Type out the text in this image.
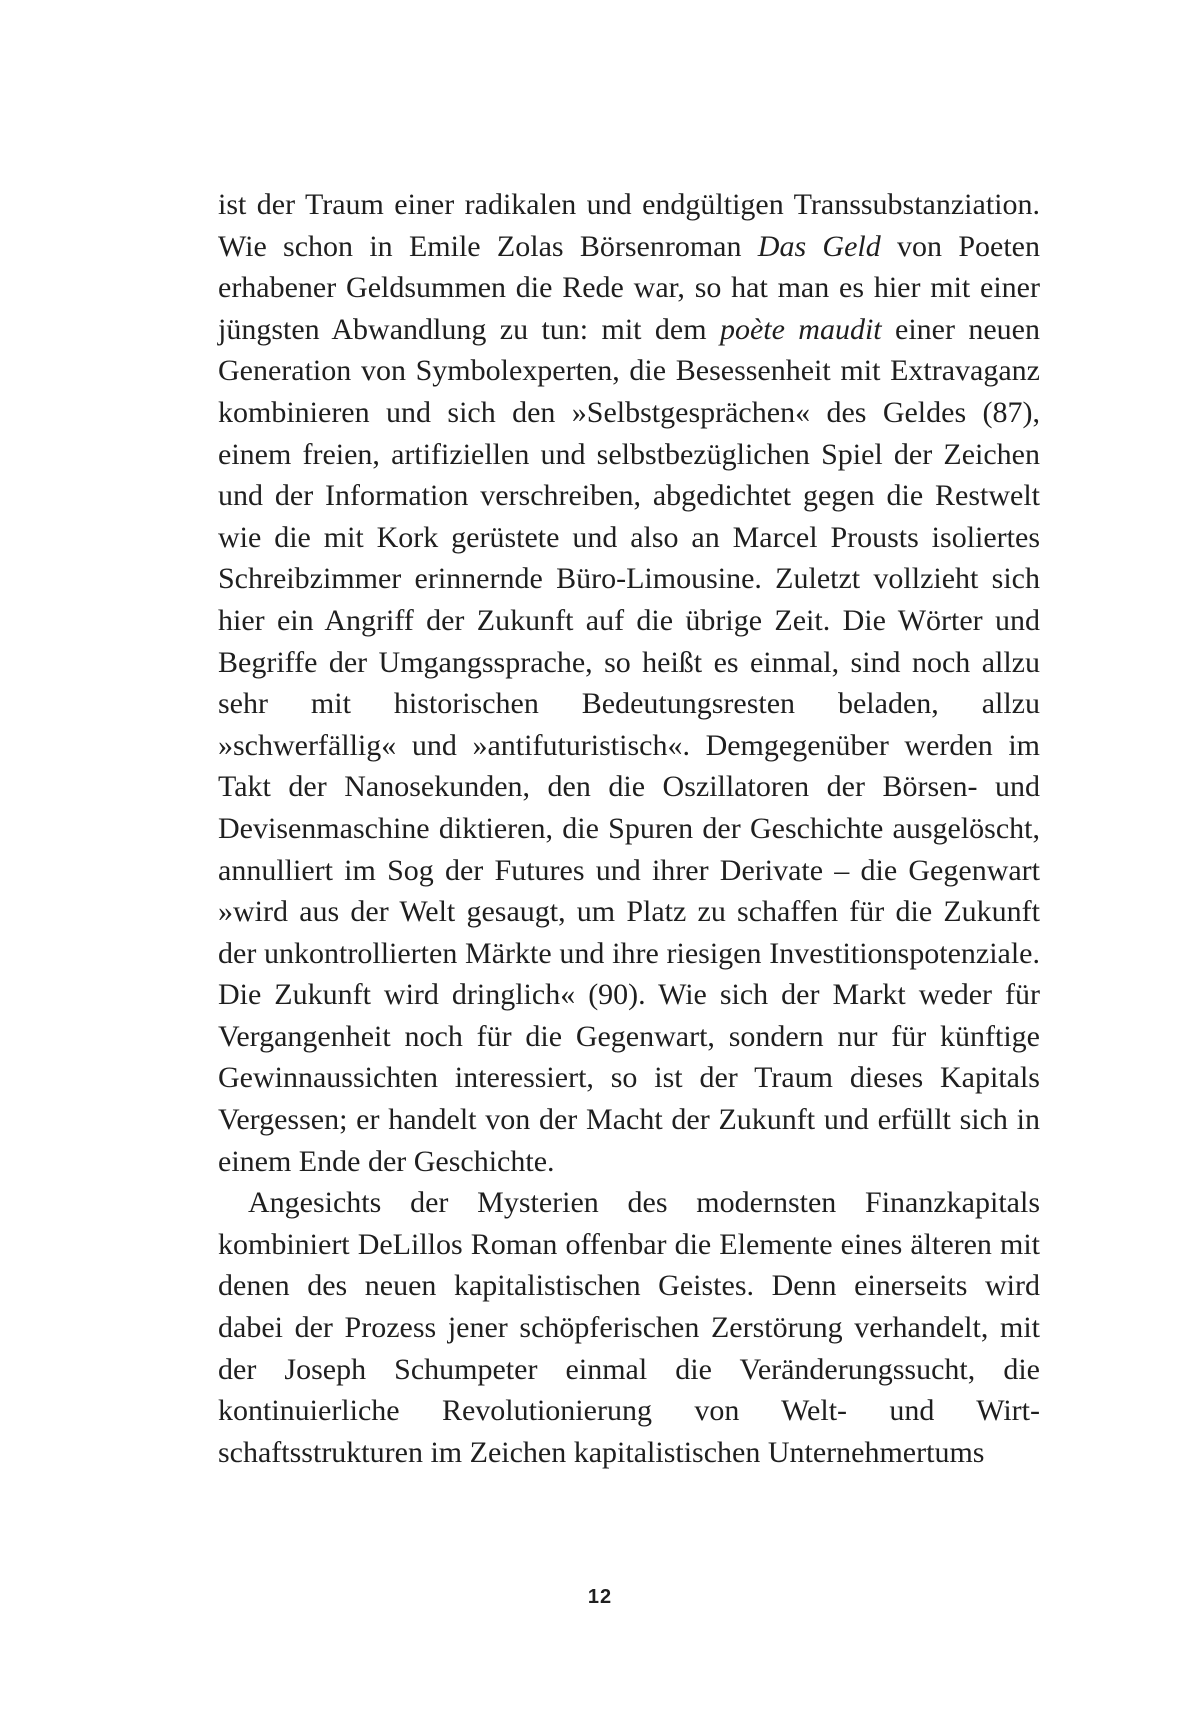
ist der Traum einer radikalen und endgültigen Transsubstanziation. Wie schon in Emile Zolas Börsenroman Das Geld von Poeten erhabener Geldsummen die Rede war, so hat man es hier mit einer jüngsten Abwandlung zu tun: mit dem poète maudit einer neuen Generation von Symbolexperten, die Besessenheit mit Extravaganz kombinieren und sich den »Selbstgesprächen« des Geldes (87), einem freien, artifiziellen und selbstbezüglichen Spiel der Zeichen und der Information verschreiben, abgedichtet gegen die Restwelt wie die mit Kork gerüstete und also an Marcel Prousts isoliertes Schreibzimmer erinnernde Büro-Limousine. Zuletzt vollzieht sich hier ein Angriff der Zukunft auf die übrige Zeit. Die Wörter und Begriffe der Umgangssprache, so heißt es einmal, sind noch allzu sehr mit historischen Bedeutungsresten beladen, allzu »schwerfällig« und »antifuturistisch«. Demgegenüber werden im Takt der Nanosekunden, den die Oszillatoren der Börsen- und Devisenmaschine diktieren, die Spuren der Geschichte ausgelöscht, annulliert im Sog der Futures und ihrer Derivate – die Gegenwart »wird aus der Welt gesaugt, um Platz zu schaffen für die Zukunft der unkontrollierten Märkte und ihre riesigen Investitionspotenziale. Die Zukunft wird dringlich« (90). Wie sich der Markt weder für Vergangenheit noch für die Gegenwart, sondern nur für künftige Gewinnaussichten interessiert, so ist der Traum dieses Kapitals Vergessen; er handelt von der Macht der Zukunft und erfüllt sich in einem Ende der Geschichte.

Angesichts der Mysterien des modernsten Finanzkapitals kombiniert DeLillos Roman offenbar die Elemente eines älteren mit denen des neuen kapitalistischen Geistes. Denn einerseits wird dabei der Prozess jener schöpferischen Zerstörung verhandelt, mit der Joseph Schumpeter einmal die Veränderungssucht, die kontinuierliche Revolutionierung von Welt- und Wirtschaftsstrukturen im Zeichen kapitalistischen Unternehmertums

12
